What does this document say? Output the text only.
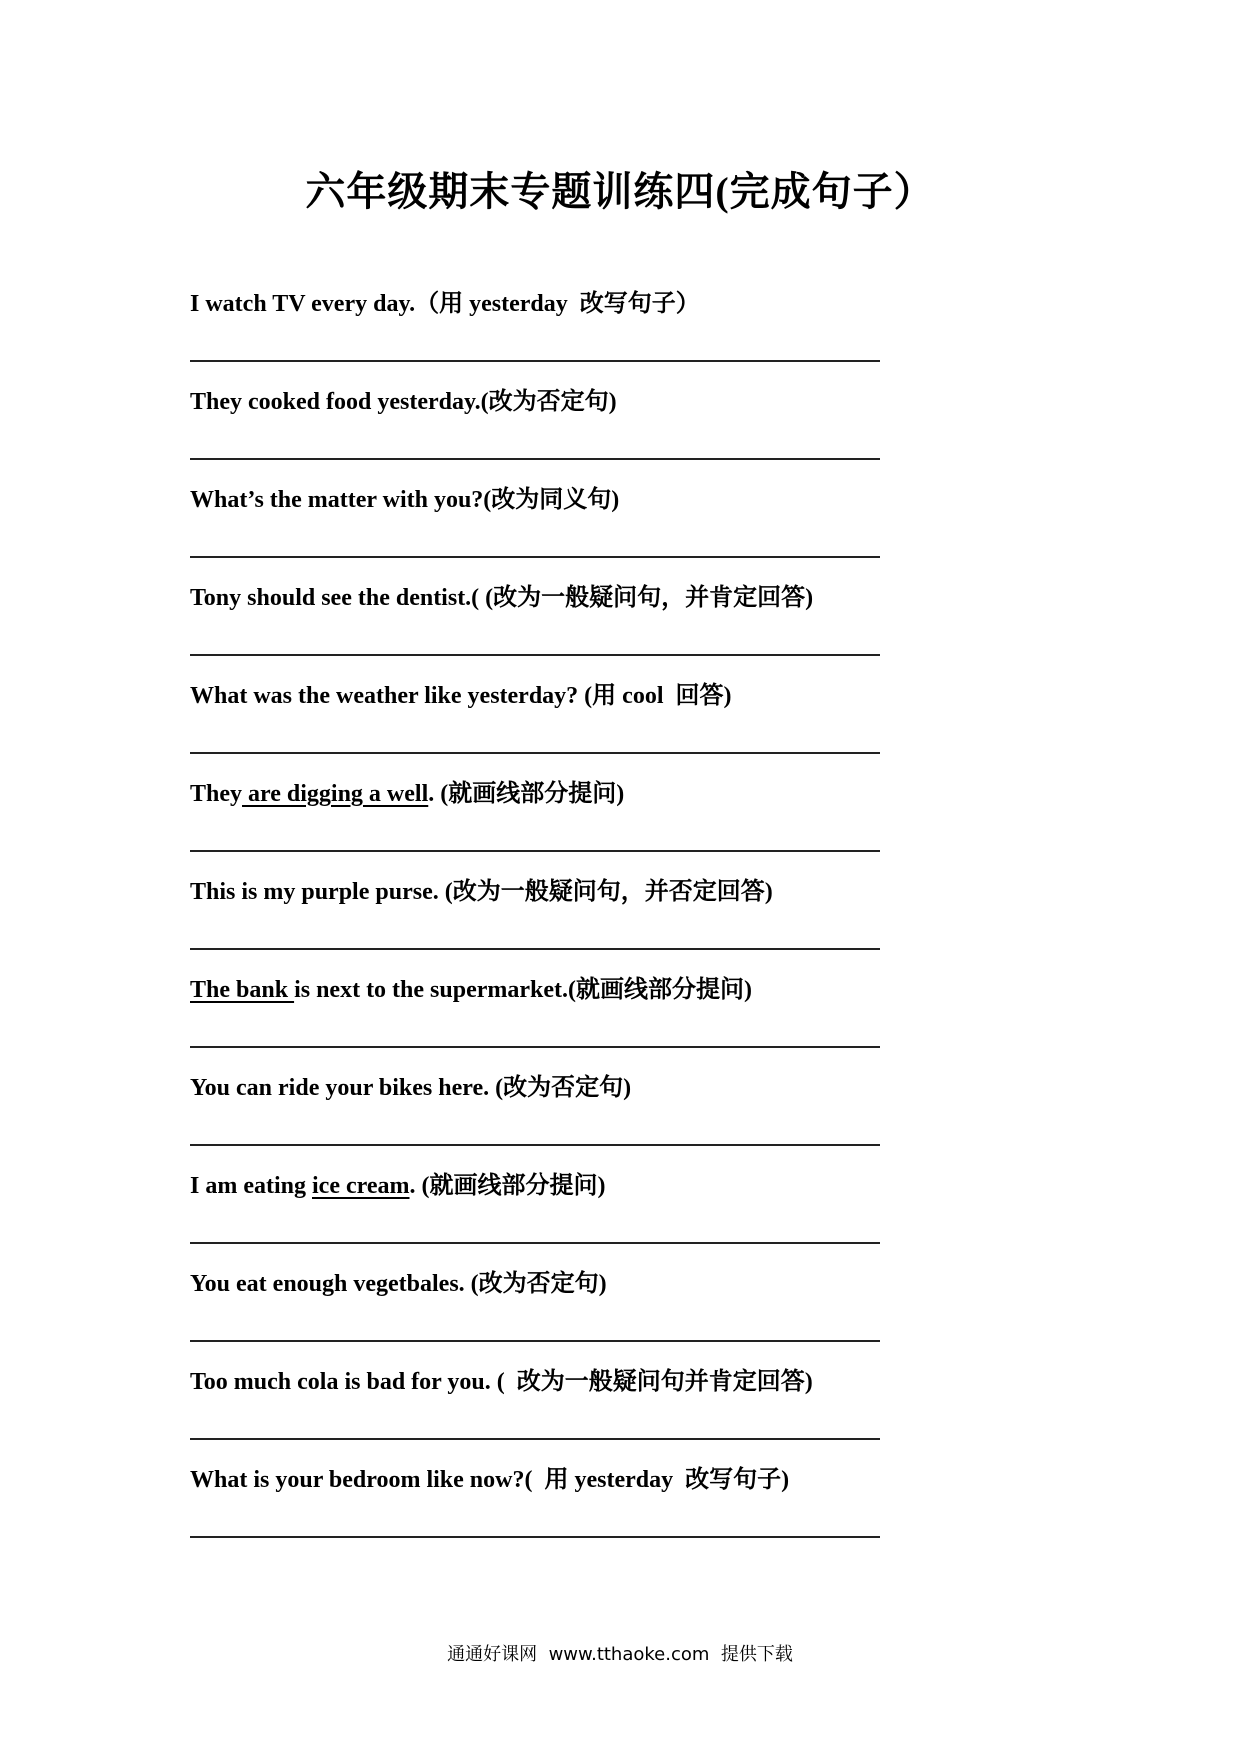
六年级期末专题训练四(完成句子）
I watch TV every day.（用 yesterday  改写句子）
They cooked food yesterday.(改为否定句)
What’s the matter with you?(改为同义句)
Tony should see the dentist.( (改为一般疑问句，并肯定回答)
What was the weather like yesterday? (用 cool  回答)
They are digging a well. (就画线部分提问)
This is my purple purse. (改为一般疑问句，并否定回答)
The bank is next to the supermarket.(就画线部分提问)
You can ride your bikes here. (改为否定句)
I am eating ice cream. (就画线部分提问)
You eat enough vegetbales. (改为否定句)
Too much cola is bad for you. (  改为一般疑问句并肯定回答)
What is your bedroom like now?(  用 yesterday  改写句子)
通通好课网  www.tthaoke.com  提供下载
